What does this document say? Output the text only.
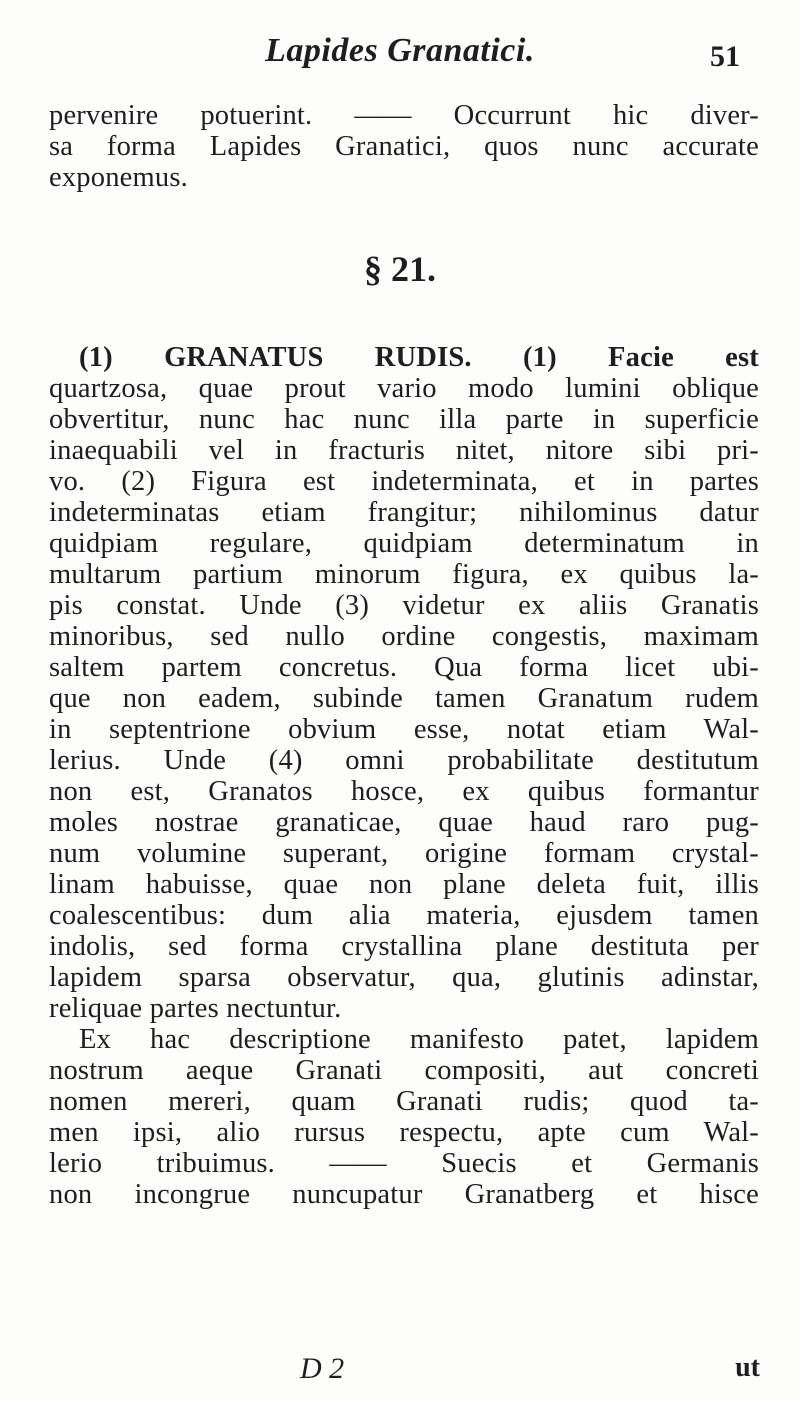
Lapides Granatici.	51
pervenire potuerint. —— Occurrunt hic diver-
sa forma Lapides Granatici, quos nunc accurate
exponemus.
§ 21.
(1) GRANATUS RUDIS. (1) Facie est
quartzosa, quae prout vario modo lumini oblique
obvertitur, nunc hac nunc illa parte in superficie
inaequabili vel in fracturis nitet, nitore sibi pri-
vo. (2) Figura est indeterminata, et in partes
indeterminatas etiam frangitur; nihilominus datur
quidpiam regulare, quidpiam determinatum in
multarum partium minorum figura, ex quibus la-
pis constat. Unde (3) videtur ex aliis Granatis
minoribus, sed nullo ordine congestis, maximam
saltem partem concretus. Qua forma licet ubi-
que non eadem, subinde tamen Granatum rudem
in septentrione obvium esse, notat etiam Wal-
lerius. Unde (4) omni probabilitate destitutum
non est, Granatos hosce, ex quibus formantur
moles nostrae granaticae, quae haud raro pug-
num volumine superant, origine formam crystal-
linam habuisse, quae non plane deleta fuit, illis
coalescentibus: dum alia materia, ejusdem tamen
indolis, sed forma crystallina plane destituta per
lapidem sparsa observatur, qua, glutinis adinstar,
reliquae partes nectuntur.
Ex hac descriptione manifesto patet, lapidem
nostrum aeque Granati compositi, aut concreti
nomen mereri, quam Granati rudis; quod ta-
men ipsi, alio rursus respectu, apte cum Wal-
lerio tribuimus. —— Suecis et Germanis
non incongrue nuncupatur Granatberg et hisce
D 2	ut
